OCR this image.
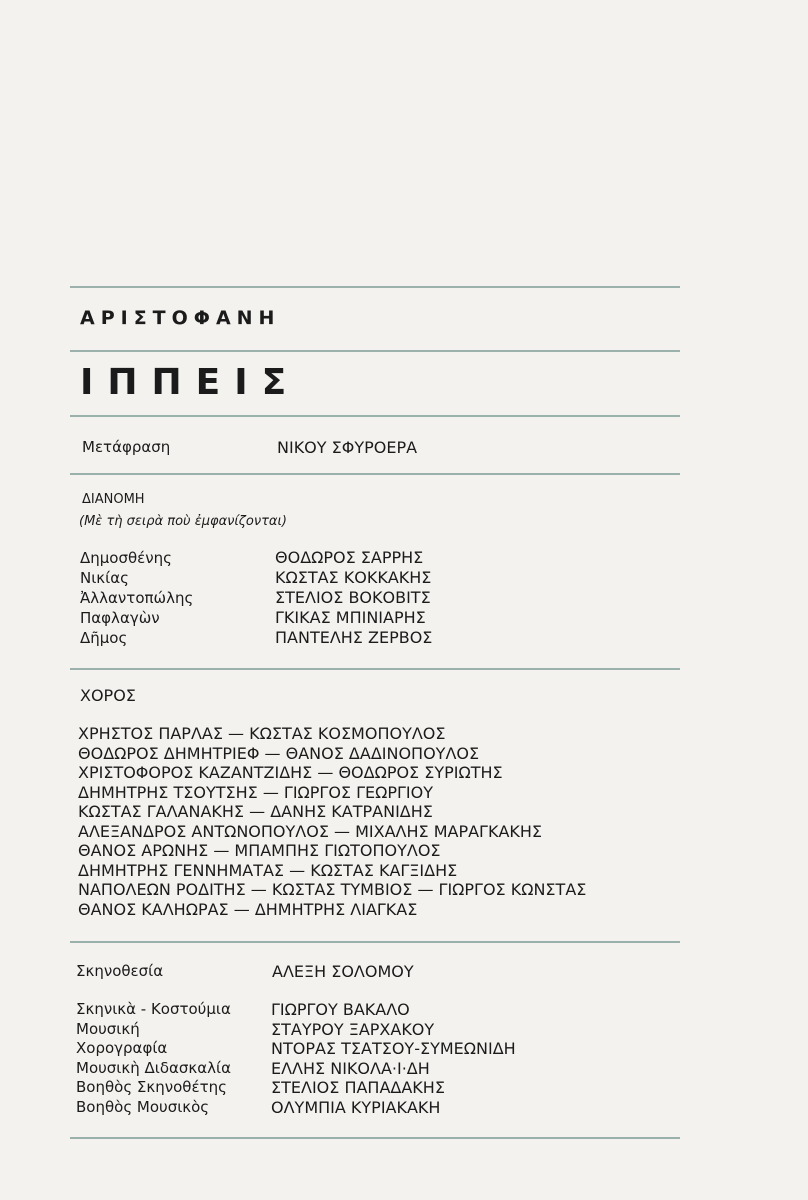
ΑΡΙΣΤΟΦΑΝΗ
ΙΠΠΕΙΣ
Μετάφραση	ΝΙΚΟΥ ΣΦΥΡΟΕΡΑ
ΔΙΑΝΟΜΗ
(Μὲ τὴ σειρὰ ποὺ ἐμφανίζονται)
Δημοσθένης
Νικίας
Ἀλλαντοπώλης
Παφλαγὼν
Δῆμος
ΘΟΔΩΡΟΣ ΣΑΡΡΗΣ
ΚΩΣΤΑΣ ΚΟΚΚΑΚΗΣ
ΣΤΕΛΙΟΣ ΒΟΚΟΒΙΤΣ
ΓΚΙΚΑΣ ΜΠΙΝΙΑΡΗΣ
ΠΑΝΤΕΛΗΣ ΖΕΡΒΟΣ
ΧΟΡΟΣ
ΧΡΗΣΤΟΣ ΠΑΡΛΑΣ — ΚΩΣΤΑΣ ΚΟΣΜΟΠΟΥΛΟΣ
ΘΟΔΩΡΟΣ ΔΗΜΗΤΡΙΕΦ — ΘΑΝΟΣ ΔΑΔΙΝΟΠΟΥΛΟΣ
ΧΡΙΣΤΟΦΟΡΟΣ ΚΑΖΑΝΤΖΙΔΗΣ — ΘΟΔΩΡΟΣ ΣΥΡΙΩΤΗΣ
ΔΗΜΗΤΡΗΣ ΤΣΟΥΤΣΗΣ — ΓΙΩΡΓΟΣ ΓΕΩΡΓΙΟΥ
ΚΩΣΤΑΣ ΓΑΛΑΝΑΚΗΣ — ΔΑΝΗΣ ΚΑΤΡΑΝΙΔΗΣ
ΑΛΕΞΑΝΔΡΟΣ ΑΝΤΩΝΟΠΟΥΛΟΣ — ΜΙΧΑΛΗΣ ΜΑΡΑΓΚΑΚΗΣ
ΘΑΝΟΣ ΑΡΩΝΗΣ — ΜΠΑΜΠΗΣ ΓΙΩΤΟΠΟΥΛΟΣ
ΔΗΜΗΤΡΗΣ ΓΕΝΝΗΜΑΤΑΣ — ΚΩΣΤΑΣ ΚΑΓΞΙΔΗΣ
ΝΑΠΟΛΕΩΝ ΡΟΔΙΤΗΣ — ΚΩΣΤΑΣ ΤΥΜΒΙΟΣ — ΓΙΩΡΓΟΣ ΚΩΝΣΤΑΣ
ΘΑΝΟΣ ΚΑΛΗΩΡΑΣ — ΔΗΜΗΤΡΗΣ ΛΙΑΓΚΑΣ
Σκηνοθεσία	ΑΛΕΞΗ ΣΟΛΟΜΟΥ
Σκηνικὰ - Κοστούμια
Μουσική
Χορογραφία
Μουσικὴ Διδασκαλία
Βοηθὸς Σκηνοθέτης
Βοηθὸς Μουσικὸς
ΓΙΩΡΓΟΥ ΒΑΚΑΛΟ
ΣΤΑΥΡΟΥ ΞΑΡΧΑΚΟΥ
ΝΤΟΡΑΣ ΤΣΑΤΣΟΥ-ΣΥΜΕΩΝΙΔΗ
ΕΛΛΗΣ ΝΙΚΟΛΑ·Ι·ΔΗ
ΣΤΕΛΙΟΣ ΠΑΠΑΔΑΚΗΣ
ΟΛΥΜΠΙΑ ΚΥΡΙΑΚΑΚΗ
